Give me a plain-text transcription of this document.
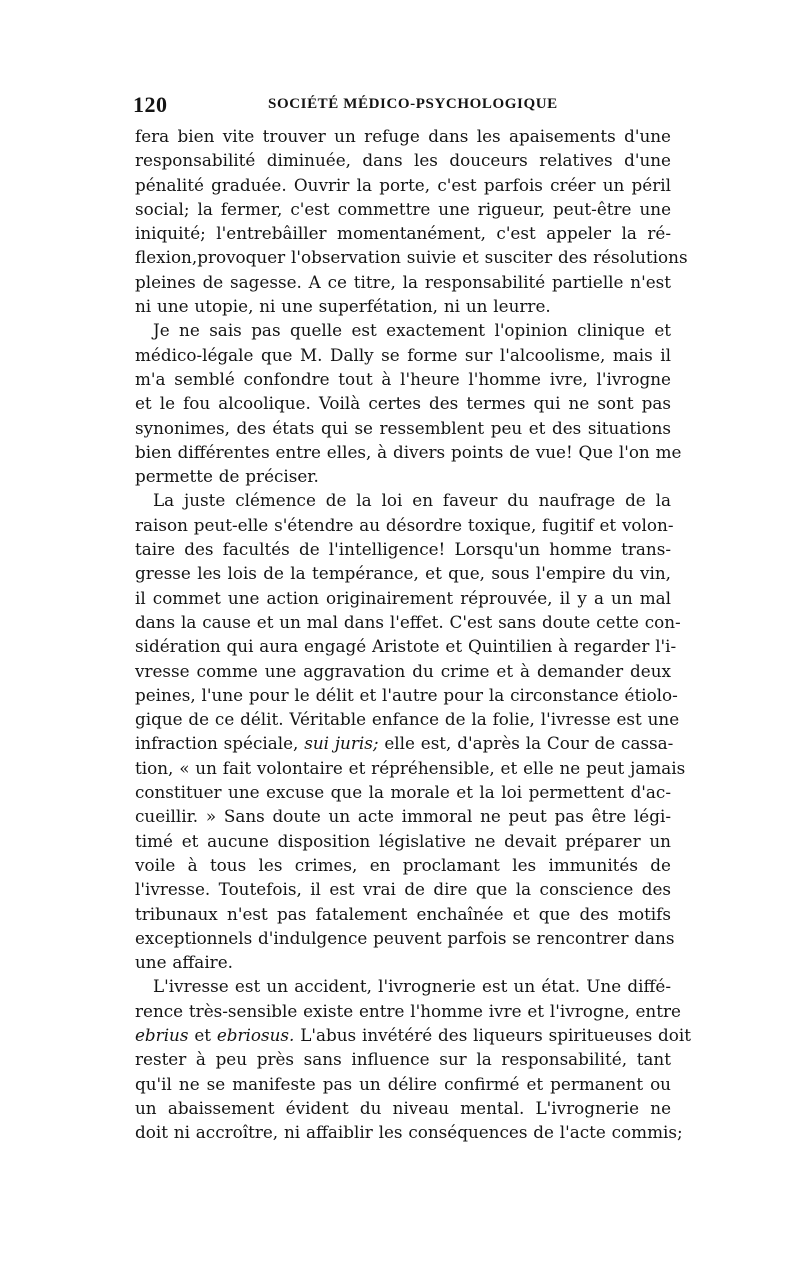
120	SOCIÉTÉ MÉDICO-PSYCHOLOGIQUE
fera bien vite trouver un refuge dans les apaisements d'une
responsabilité diminuée, dans les douceurs relatives d'une
pénalité graduée. Ouvrir la porte, c'est parfois créer un péril
social; la fermer, c'est commettre une rigueur, peut-être une
iniquité; l'entrebâiller momentanément, c'est appeler la ré-
flexion,provoquer l'observation suivie et susciter des résolutions
pleines de sagesse. A ce titre, la responsabilité partielle n'est
ni une utopie, ni une superfétation, ni un leurre.
Je ne sais pas quelle est exactement l'opinion clinique et
médico-légale que M. Dally se forme sur l'alcoolisme, mais il
m'a semblé confondre tout à l'heure l'homme ivre, l'ivrogne
et le fou alcoolique. Voilà certes des termes qui ne sont pas
synonimes, des états qui se ressemblent peu et des situations
bien différentes entre elles, à divers points de vue! Que l'on me
permette de préciser.
La juste clémence de la loi en faveur du naufrage de la
raison peut-elle s'étendre au désordre toxique, fugitif et volon-
taire des facultés de l'intelligence! Lorsqu'un homme trans-
gresse les lois de la tempérance, et que, sous l'empire du vin,
il commet une action originairement réprouvée, il y a un mal
dans la cause et un mal dans l'effet. C'est sans doute cette con-
sidération qui aura engagé Aristote et Quintilien à regarder l'i-
vresse comme une aggravation du crime et à demander deux
peines, l'une pour le délit et l'autre pour la circonstance étiolo-
gique de ce délit. Véritable enfance de la folie, l'ivresse est une
infraction spéciale, sui juris; elle est, d'après la Cour de cassa-
tion, « un fait volontaire et répréhensible, et elle ne peut jamais
constituer une excuse que la morale et la loi permettent d'ac-
cueillir. » Sans doute un acte immoral ne peut pas être légi-
timé et aucune disposition législative ne devait préparer un
voile à tous les crimes, en proclamant les immunités de
l'ivresse. Toutefois, il est vrai de dire que la conscience des
tribunaux n'est pas fatalement enchaînée et que des motifs
exceptionnels d'indulgence peuvent parfois se rencontrer dans
une affaire.
L'ivresse est un accident, l'ivrognerie est un état. Une diffé-
rence très-sensible existe entre l'homme ivre et l'ivrogne, entre
ebrius et ebriosus. L'abus invétéré des liqueurs spiritueuses doit
rester à peu près sans influence sur la responsabilité, tant
qu'il ne se manifeste pas un délire confirmé et permanent ou
un abaissement évident du niveau mental. L'ivrognerie ne
doit ni accroître, ni affaiblir les conséquences de l'acte commis;
